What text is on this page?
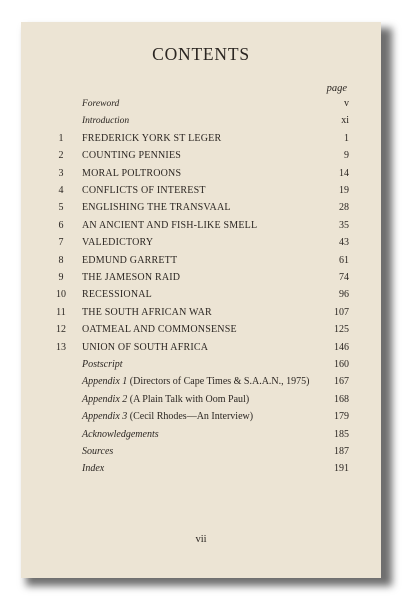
CONTENTS
page
Foreword	v
Introduction	xi
1	FREDERICK YORK ST LEGER	1
2	COUNTING PENNIES	9
3	MORAL POLTROONS	14
4	CONFLICTS OF INTEREST	19
5	ENGLISHING THE TRANSVAAL	28
6	AN ANCIENT AND FISH-LIKE SMELL	35
7	VALEDICTORY	43
8	EDMUND GARRETT	61
9	THE JAMESON RAID	74
10	RECESSIONAL	96
11	THE SOUTH AFRICAN WAR	107
12	OATMEAL AND COMMONSENSE	125
13	UNION OF SOUTH AFRICA	146
Postscript	160
Appendix 1 (Directors of Cape Times & S.A.A.N., 1975) 167
Appendix 2 (A Plain Talk with Oom Paul)	168
Appendix 3 (Cecil Rhodes—An Interview)	179
Acknowledgements	185
Sources	187
Index	191
vii
